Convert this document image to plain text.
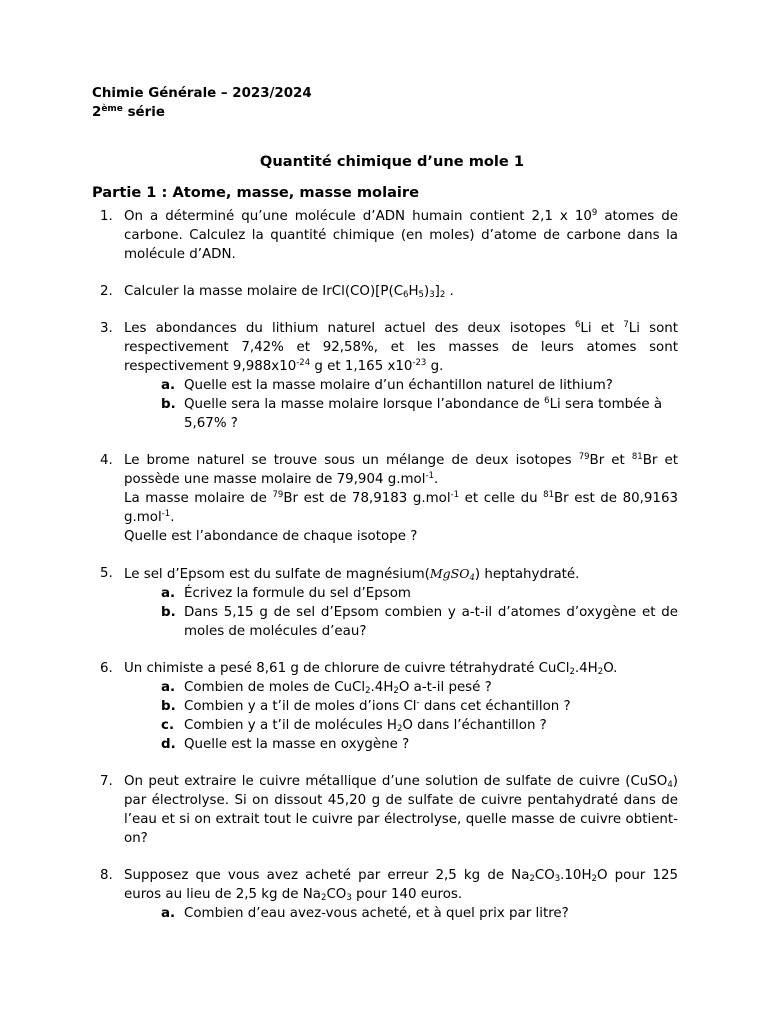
Chimie Générale – 2023/2024
2ème série
Quantité chimique d’une mole 1
Partie 1 : Atome, masse, masse molaire
1. On a déterminé qu’une molécule d’ADN humain contient 2,1 x $10^9$ atomes de carbone. Calculez la quantité chimique (en moles) d’atome de carbone dans la molécule d’ADN.
2. Calculer la masse molaire de $IrCl(CO)[P(C_6H_5)_3]_2$ .
3. Les abondances du lithium naturel actuel des deux isotopes $^6$Li et $^7$Li sont respectivement 7,42% et 92,58%, et les masses de leurs atomes sont respectivement $9,988x10^{-24}$ g et 1,165 $x10^{-23}$ g.
a. Quelle est la masse molaire d’un échantillon naturel de lithium?
b. Quelle sera la masse molaire lorsque l’abondance de $^6$Li sera tombée à 5,67% ?
4. Le brome naturel se trouve sous un mélange de deux isotopes $^{79}$Br et $^{81}$Br et possède une masse molaire de 79,904 g.mol$^{-1}$.
La masse molaire de $^{79}$Br est de 78,9183 g.mol$^{-1}$ et celle du $^{81}$Br est de 80,9163 g.mol$^{-1}$.
Quelle est l’abondance de chaque isotope ?
5. Le sel d’Epsom est du sulfate de magnésium(MgSO$_4$) heptahydraté.
a. Écrivez la formule du sel d’Epsom
b. Dans 5,15 g de sel d’Epsom combien y a-t-il d’atomes d’oxygène et de moles de molécules d’eau?
6. Un chimiste a pesé 8,61 g de chlorure de cuivre tétrahydraté $CuCl_2.4H_2O$.
a. Combien de moles de $CuCl_2.4H_2O$ a-t-il pesé ?
b. Combien y a t’il de moles d’ions Cl- dans cet échantillon ?
c. Combien y a t’il de molécules $H_2O$ dans l’échantillon ?
d. Quelle est la masse en oxygène ?
7. On peut extraire le cuivre métallique d’une solution de sulfate de cuivre (CuSO$_4$) par électrolyse. Si on dissout 45,20 g de sulfate de cuivre pentahydraté dans de l’eau et si on extrait tout le cuivre par électrolyse, quelle masse de cuivre obtient-on?
8. Supposez que vous avez acheté par erreur 2,5 kg de $Na_2CO_3.10H_2O$ pour 125 euros au lieu de 2,5 kg de $Na_2CO_3$ pour 140 euros.
a. Combien d’eau avez-vous acheté, et à quel prix par litre?
